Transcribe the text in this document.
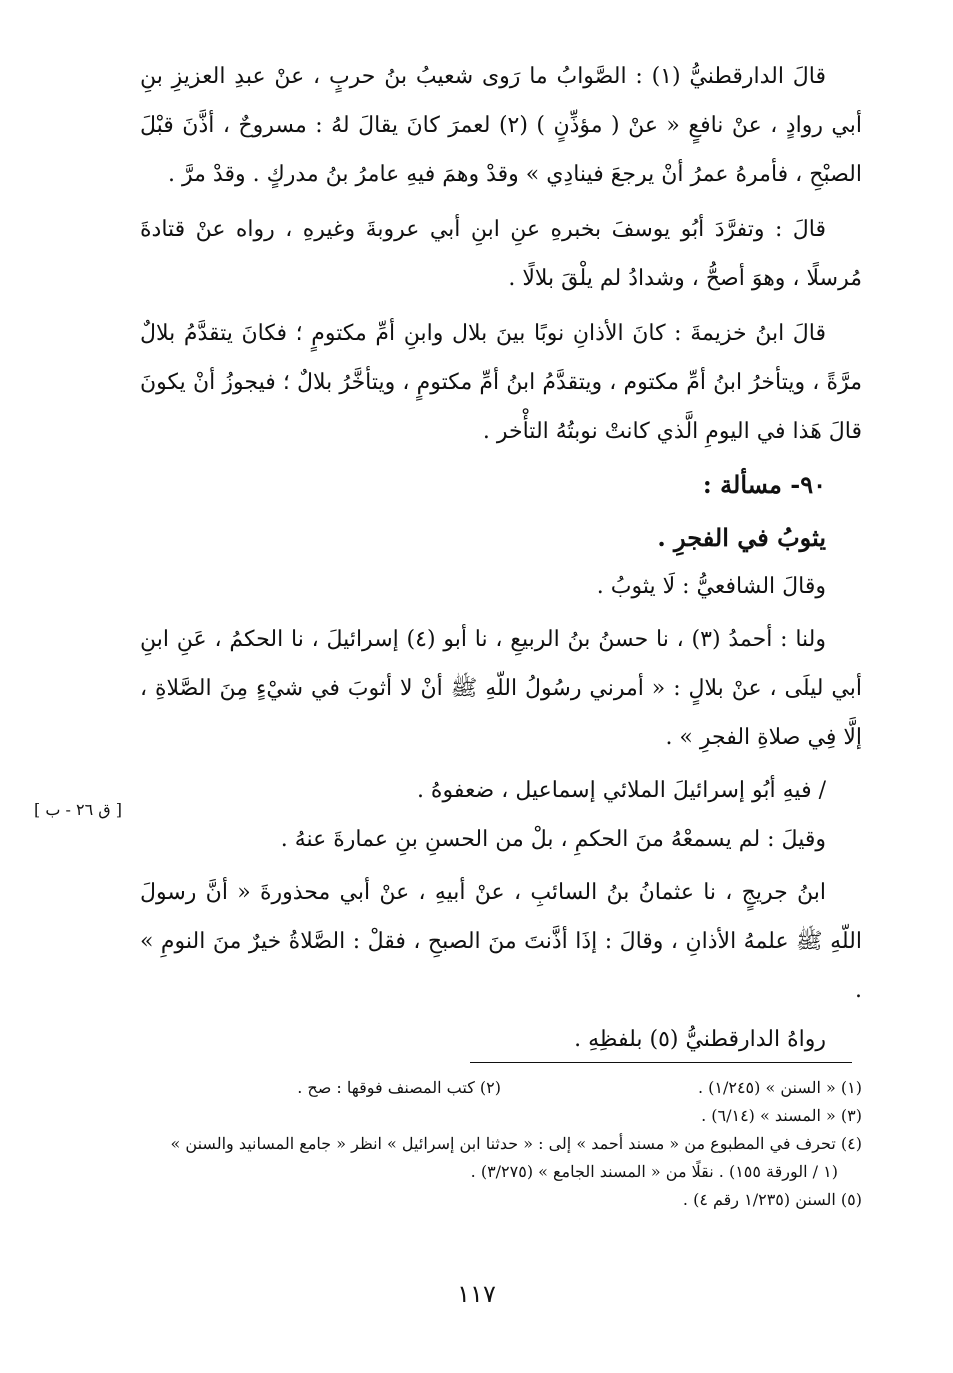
قالَ الدارقطنيُّ (١) : الصَّوابُ ما رَوى شعيبُ بنُ حربٍ ، عنْ عبدِ العزيزِ بنِ أبي روادٍ ، عنْ نافعٍ « عنْ ( مؤذِّنٍ ) (٢) لعمرَ كانَ يقالَ لهُ : مسروحٌ ، أذَّنَ قبْلَ الصبْحِ ، فأمرهُ عمرُ أنْ يرجعَ فينادِي » وقدْ وهمَ فيهِ عامرُ بنُ مدركٍ . وقدْ مرَّ .

قالَ : وتفرَّدَ أبُو يوسفَ بخبرهِ عنِ ابنِ أبي عروبةَ وغيرهِ ، رواه عنْ قتادةَ مُرسلًا ، وهوَ أصحُّ ، وشدادُ لم يلْقَ بلالًا .

قالَ ابنُ خزيمةَ : كانَ الأذانِ نوبًا بينَ بلال وابنِ أمِّ مكتومٍ ؛ فكانَ يتقدَّمُ بلالٌ مرَّةً ، ويتأخرُ ابنُ أمِّ مكتوم ، ويتقدَّمُ ابنُ أمِّ مكتومٍ ، ويتأخَّرُ بلالٌ ؛ فيجوزُ أنْ يكونَ قالَ هَذا في اليومِ الَّذي كانتْ نوبتُهُ التأْخر .

٩٠- مسألة :

يثوبُ في الفجرِ .

وقالَ الشافعيُّ : لَا يثوبُ .

ولنا : أحمدُ (٣) ، نا حسنُ بنُ الربيعِ ، نا أبو (٤) إسرائيلَ ، نا الحكمُ ، عَنِ ابنِ أبي ليلَى ، عنْ بلالٍ : « أمرني رسُولُ اللّهِ ﷺ أنْ لا أثوبَ في شيْءٍ مِنَ الصَّلاةِ ، إلَّا فِي صلاةِ الفجرِ » .

/ فيهِ أبُو إسرائيلَ الملائي إسماعيل ، ضعفوهُ .

وقيلَ : لم يسمعْهُ منَ الحكمِ ، بلْ من الحسنِ بنِ عمارةَ عنهُ .

ابنُ جريجٍ ، نا عثمانُ بنُ السائبِ ، عنْ أبيهِ ، عنْ أبي محذورةَ « أنَّ رسولَ اللّهِ ﷺ علمهُ الأذانِ ، وقالَ : إذَا أذَّنتَ منَ الصبحِ ، فقلْ : الصَّلاةُ خيرٌ منَ النومِ » .

رواهُ الدارقطنيُّ (٥) بلفظِهِ .

[ ق ٢٦ - ب ]

(١) « السنن » (١/٢٤٥) .

(٢) كتب المصنف فوقها : صح .

(٣) « المسند » (٦/١٤) .

(٤) تحرف في المطبوع من « مسند أحمد » إلى : « حدثنا ابن إسرائيل » انظر « جامع المسانيد والسنن »

(١ / الورقة ١٥٥) . نقلًا من « المسند الجامع » (٣/٢٧٥) .

(٥) السنن (١/٢٣٥ رقم ٤) .

١١٧
